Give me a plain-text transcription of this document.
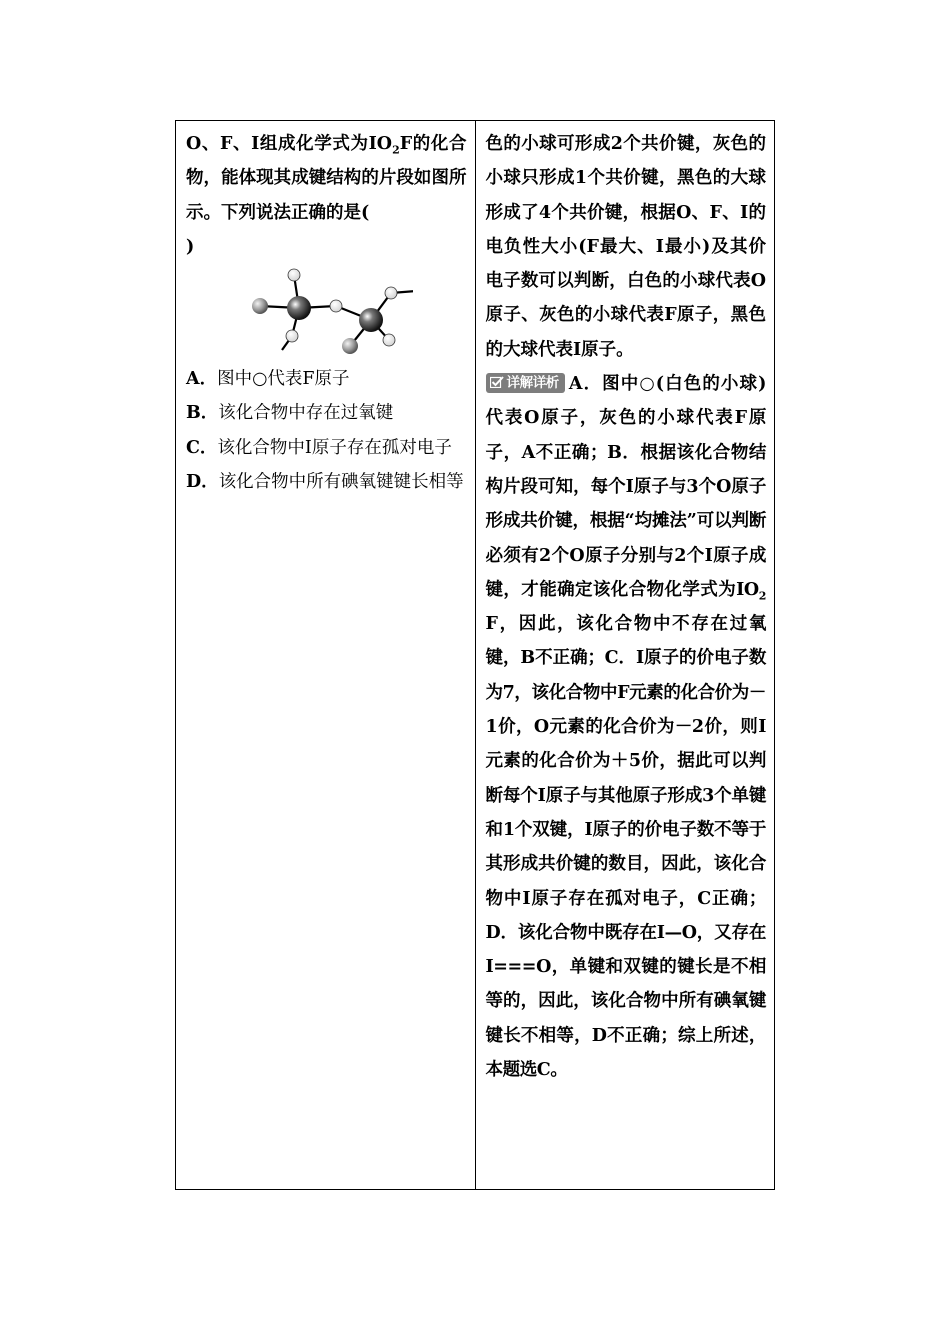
O、F、I组成化学式为$IO_2F$的化合物，能体现其成键结构的片段如图所示。下列说法正确的是(
)

A．图中○代表F原子

B．该化合物中存在过氧键

C．该化合物中I原子存在孤对电子

D．该化合物中所有碘氧键键长相等

色的小球可形成2个共价键，灰色的小球只形成1个共价键，黑色的大球形成了4个共价键，根据O、F、I的电负性大小(F最大、I最小)及其价电子数可以判断，白色的小球代表O原子、灰色的小球代表F原子，黑色的大球代表I原子。

详解详析 A．图中○(白色的小球)代表O原子，灰色的小球代表F原子，A不正确；B．根据该化合物结构片段可知，每个I原子与3个O原子形成共价键，根据“均摊法”可以判断必须有2个O原子分别与2个I原子成键，才能确定该化合物化学式为$IO_2F$，因此，该化合物中不存在过氧键，B不正确；C．I原子的价电子数为7，该化合物中F元素的化合价为－1价，O元素的化合价为－2价，则I元素的化合价为＋5价，据此可以判断每个I原子与其他原子形成3个单键和1个双键，I原子的价电子数不等于其形成共价键的数目，因此，该化合物中I原子存在孤对电子，C正确；D．该化合物中既存在I—O，又存在I===O，单键和双键的键长是不相等的，因此，该化合物中所有碘氧键键长不相等，D不正确；综上所述，本题选C。
